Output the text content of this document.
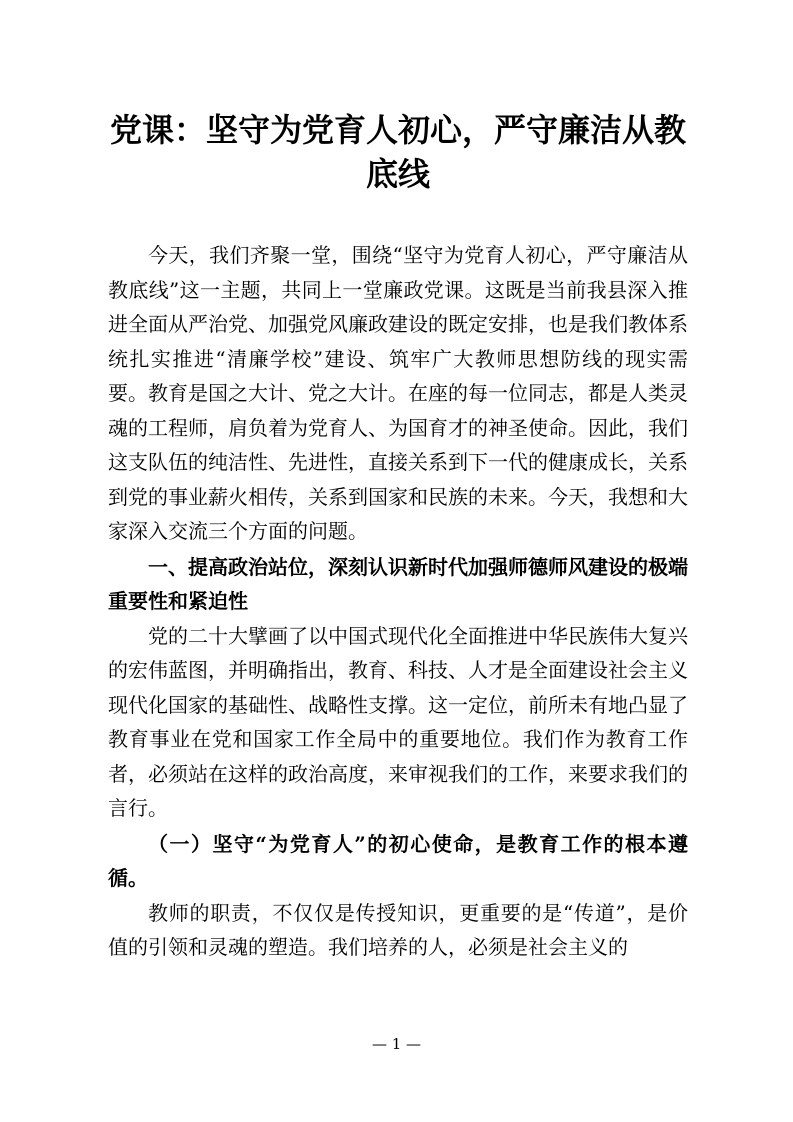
党课：坚守为党育人初心，严守廉洁从教底线

今天，我们齐聚一堂，围绕“坚守为党育人初心，严守廉洁从教底线”这一主题，共同上一堂廉政党课。这既是当前我县深入推进全面从严治党、加强党风廉政建设的既定安排，也是我们教体系统扎实推进“清廉学校”建设、筑牢广大教师思想防线的现实需要。教育是国之大计、党之大计。在座的每一位同志，都是人类灵魂的工程师，肩负着为党育人、为国育才的神圣使命。因此，我们这支队伍的纯洁性、先进性，直接关系到下一代的健康成长，关系到党的事业薪火相传，关系到国家和民族的未来。今天，我想和大家深入交流三个方面的问题。

一、提高政治站位，深刻认识新时代加强师德师风建设的极端重要性和紧迫性

党的二十大擘画了以中国式现代化全面推进中华民族伟大复兴的宏伟蓝图，并明确指出，教育、科技、人才是全面建设社会主义现代化国家的基础性、战略性支撑。这一定位，前所未有地凸显了教育事业在党和国家工作全局中的重要地位。我们作为教育工作者，必须站在这样的政治高度，来审视我们的工作，来要求我们的言行。

（一）坚守“为党育人”的初心使命，是教育工作的根本遵循。

教师的职责，不仅仅是传授知识，更重要的是“传道”，是价值的引领和灵魂的塑造。我们培养的人，必须是社会主义的

— 1 —
